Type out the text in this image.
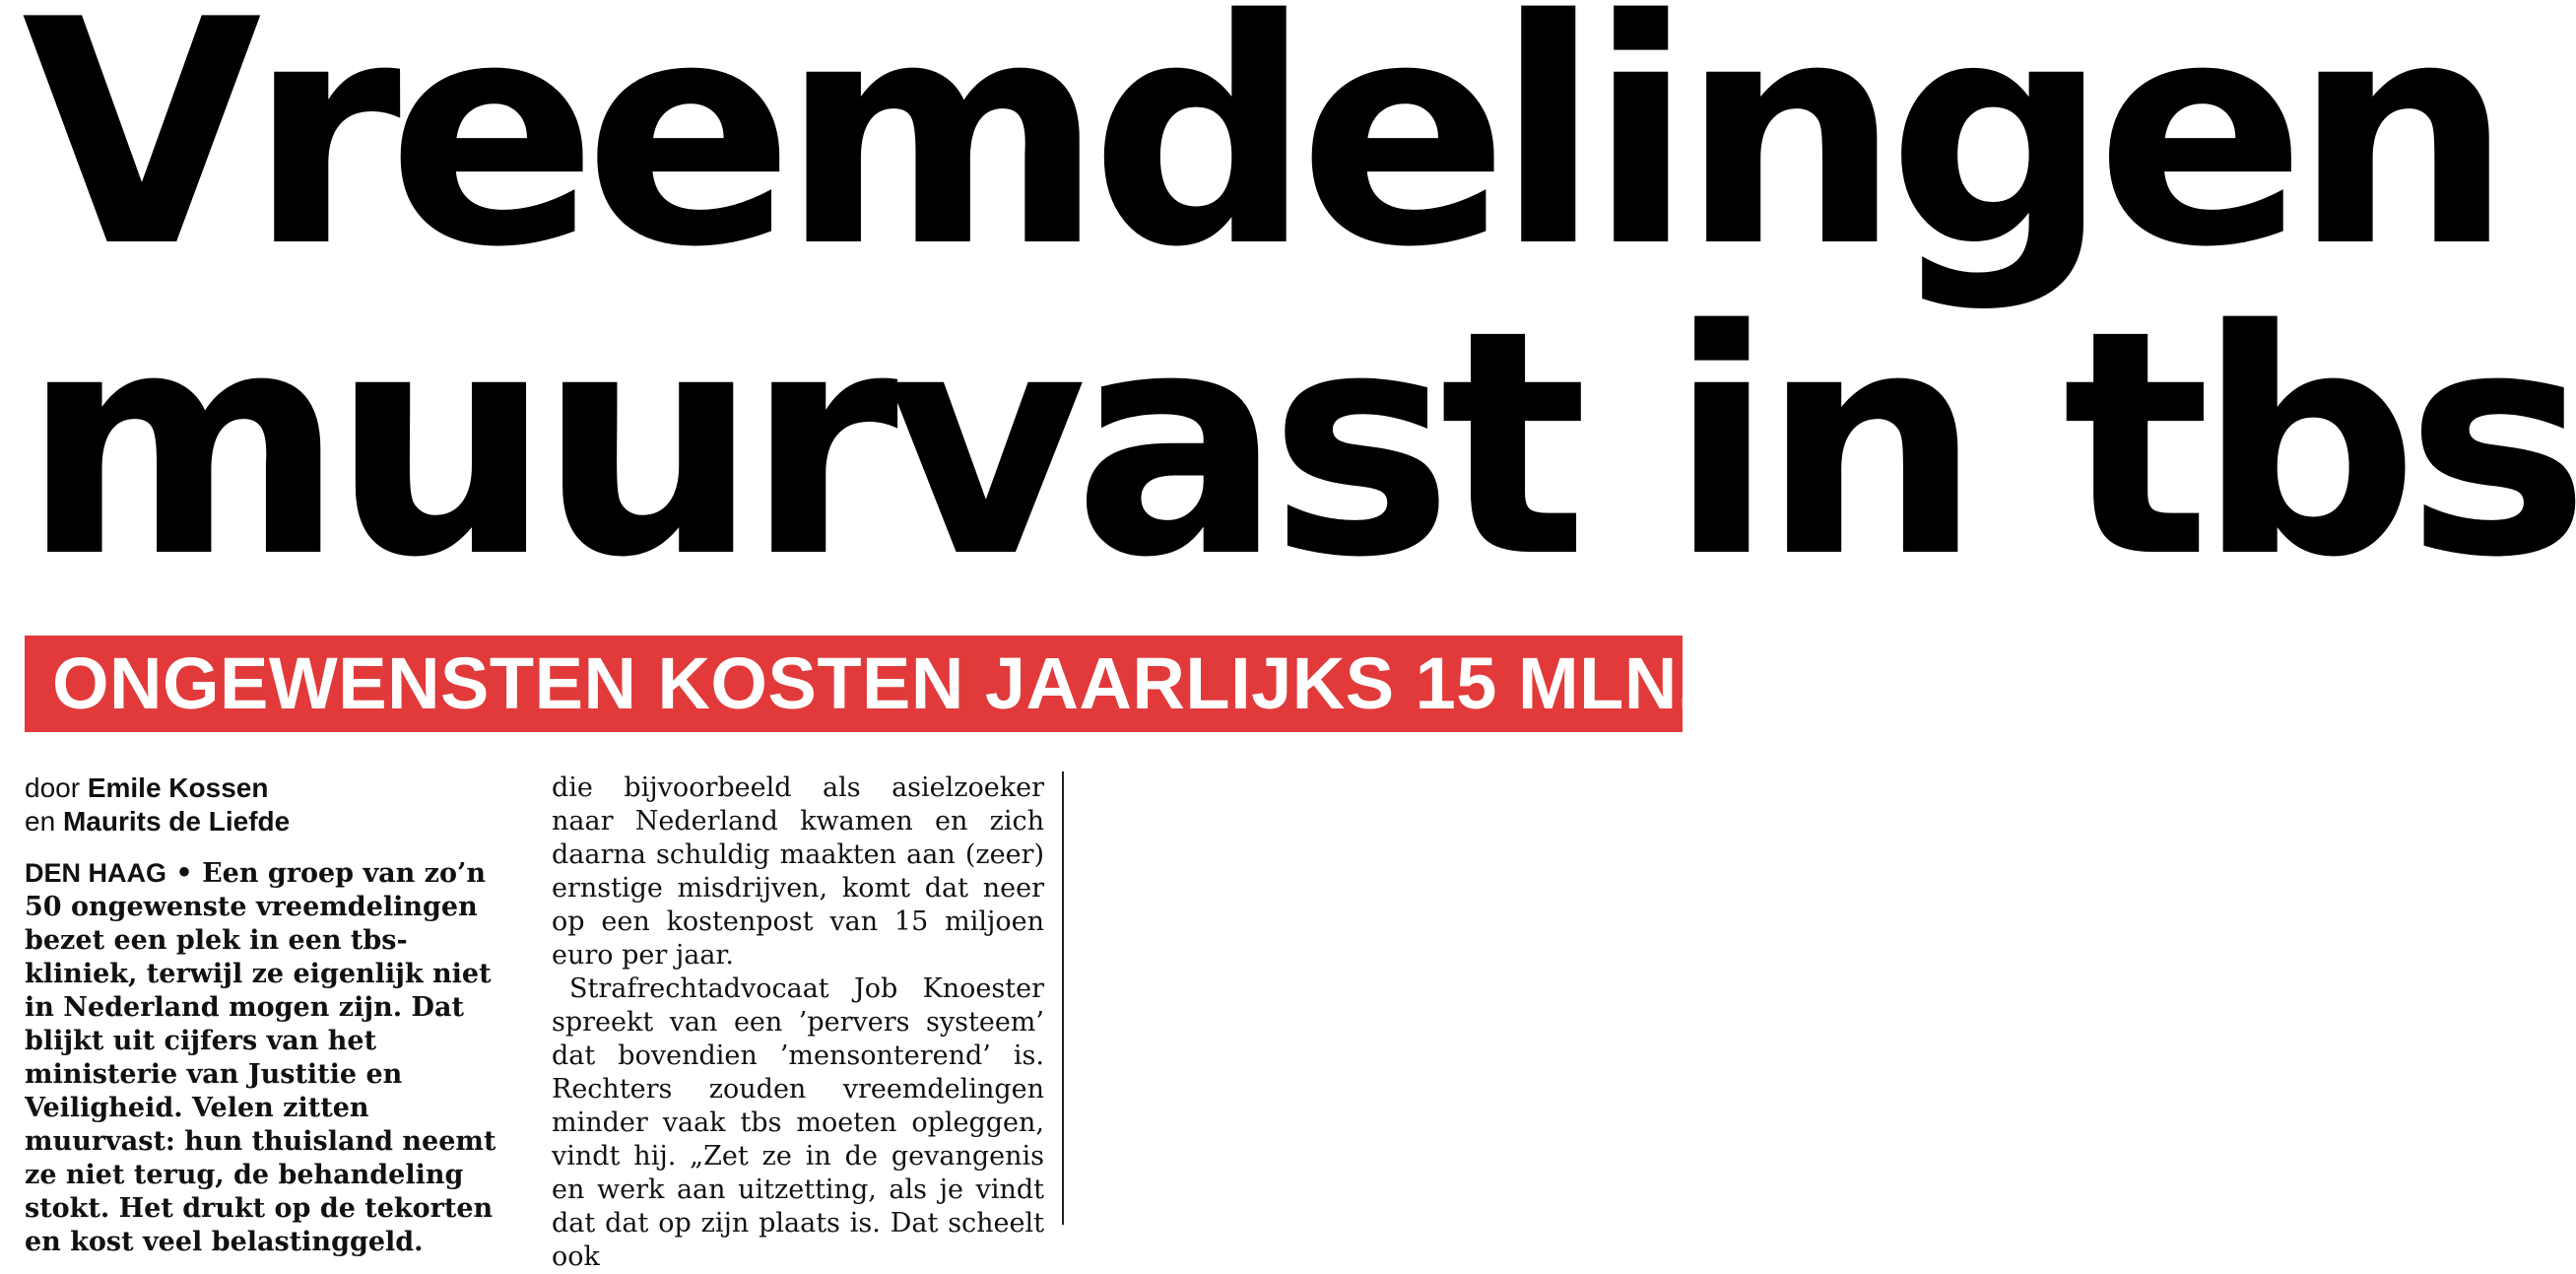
Vreemdelingen
muurvast in tbs
ONGEWENSTEN KOSTEN JAARLIJKS 15 MLN.
door Emile Kossen
en Maurits de Liefde

DEN HAAG • Een groep van zo’n 50 ongewenste vreemdelingen bezet een plek in een tbs-kliniek, terwijl ze eigenlijk niet in Nederland mogen zijn. Dat blijkt uit cijfers van het ministerie van Justitie en Veiligheid. Velen zitten muurvast: hun thuisland neemt ze niet terug, de behandeling stokt. Het drukt op de tekorten en kost veel belastinggeld.

die bijvoorbeeld als asielzoeker naar Nederland kwamen en zich daarna schuldig maakten aan (zeer) ernstige misdrijven, komt dat neer op een kostenpost van 15 miljoen euro per jaar.
Strafrechtadvocaat Job Knoester spreekt van een ’pervers systeem’ dat bovendien ’mensonterend’ is. Rechters zouden vreemdelingen minder vaak tbs moeten opleggen, vindt hij. „Zet ze in de gevangenis en werk aan uitzetting, als je vindt dat dat op zijn plaats is. Dat scheelt ook
